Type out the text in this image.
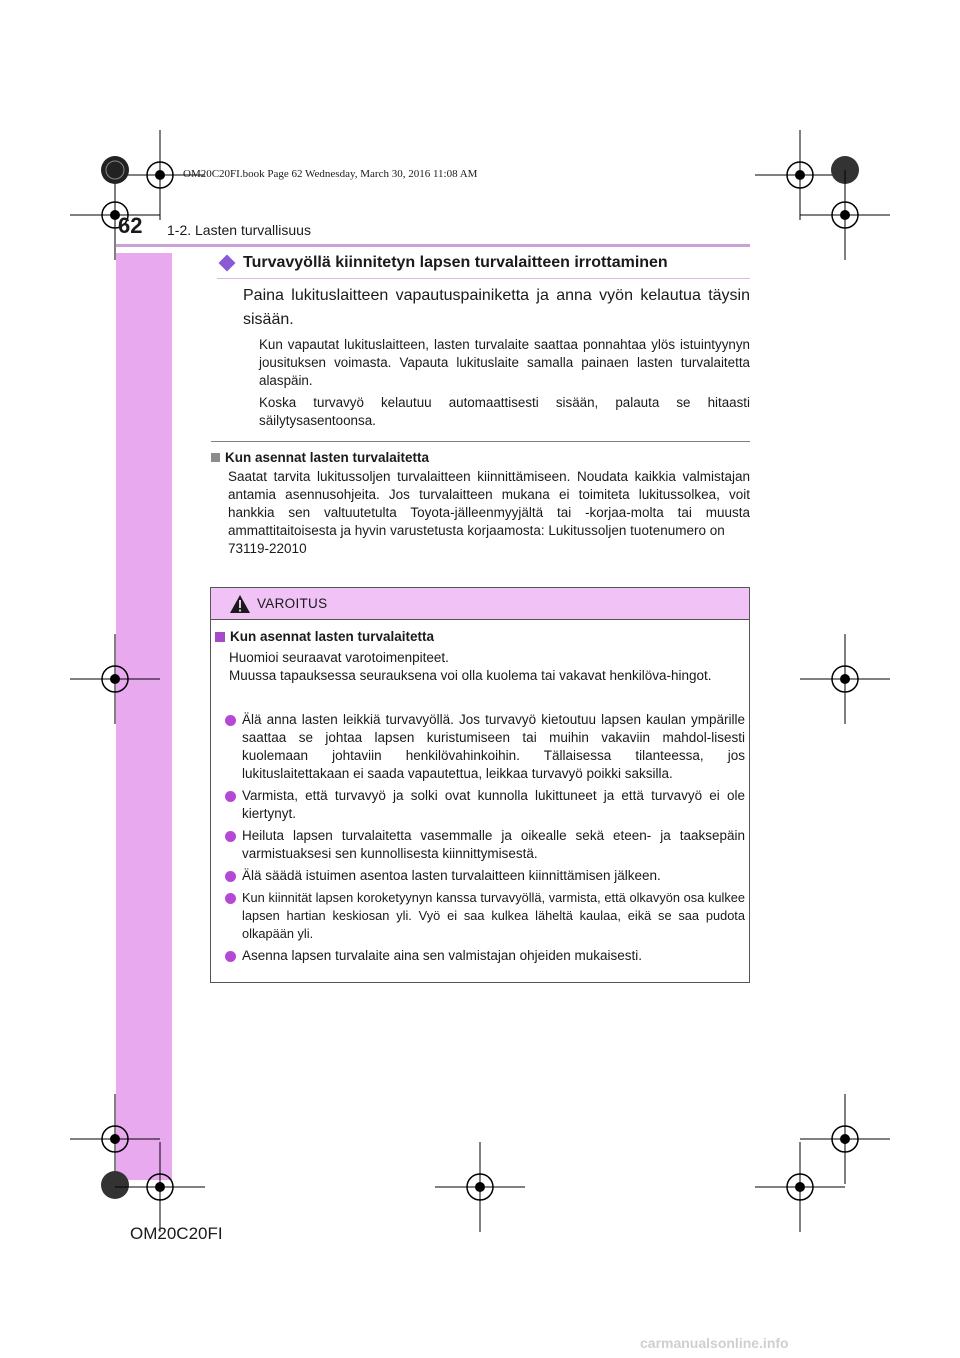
62 1-2. Lasten turvallisuus
OM20C20FI.book Page 62 Wednesday, March 30, 2016 11:08 AM
Turvavyöllä kiinnitetyn lapsen turvalaitteen irrottaminen
Paina lukituslaitteen vapautuspainiketta ja anna vyön kelautua täysin sisään.
Kun vapautat lukituslaitteen, lasten turvalaite saattaa ponnahtaa ylös istuintyynyn jousituksen voimasta. Vapauta lukituslaite samalla painaen lasten turvalaitetta alaspäin.
Koska turvavyö kelautuu automaattisesti sisään, palauta se hitaasti säilytysasentoonsa.
Kun asennat lasten turvalaitetta
Saatat tarvita lukitussoljen turvalaitteen kiinnittämiseen. Noudata kaikkia valmistajan antamia asennusohjeita. Jos turvalaitteen mukana ei toimiteta lukitussolkea, voit hankkia sen valtuutetulta Toyota-jälleenmyyjältä tai -korjaa-molta tai muusta ammattitaitoisesta ja hyvin varustetusta korjaamosta: Lukitussoljen tuotenumero on
73119-22010
VAROITUS
Kun asennat lasten turvalaitetta
Huomioi seuraavat varotoimenpiteet.
Muussa tapauksessa seurauksena voi olla kuolema tai vakavat henkilöva-hingot.
Älä anna lasten leikkiä turvavyöllä. Jos turvavyö kietoutuu lapsen kaulan ympärille saattaa se johtaa lapsen kuristumiseen tai muihin vakaviin mahdol-lisesti kuolemaan johtaviin henkilövahinkoihin. Tällaisessa tilanteessa, jos lukituslaitettakaan ei saada vapautettua, leikkaa turvavyö poikki saksilla.
Varmista, että turvavyö ja solki ovat kunnolla lukittuneet ja että turvavyö ei ole kiertynyt.
Heiluta lapsen turvalaitetta vasemmalle ja oikealle sekä eteen- ja taaksepäin varmistuaksesi sen kunnollisesta kiinnittymisestä.
Älä säädä istuimen asentoa lasten turvalaitteen kiinnittämisen jälkeen.
Kun kiinnität lapsen koroketyynyn kanssa turvavyöllä, varmista, että olkavyön osa kulkee lapsen hartian keskiosan yli. Vyö ei saa kulkea läheltä kaulaa, eikä se saa pudota olkapään yli.
Asenna lapsen turvalaite aina sen valmistajan ohjeiden mukaisesti.
OM20C20FI
carmanualsonline.info
